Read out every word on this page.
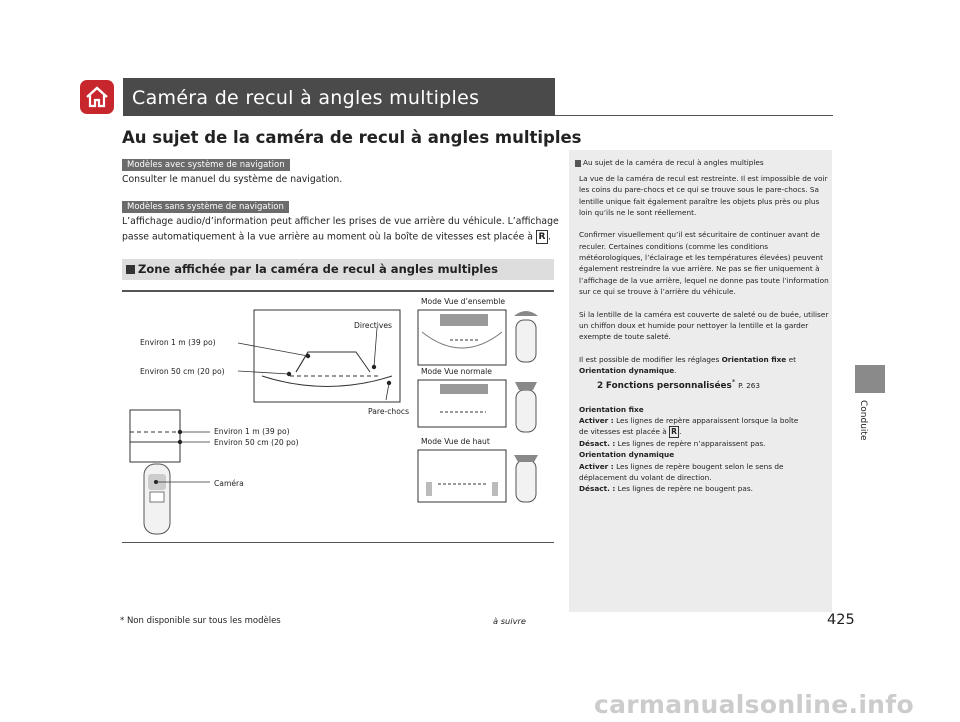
Caméra de recul à angles multiples
Au sujet de la caméra de recul à angles multiples
Modèles avec système de navigation
Consulter le manuel du système de navigation.
Modèles sans système de navigation
L’affichage audio/d’information peut afficher les prises de vue arrière du véhicule. L’affichage
passe automatiquement à la vue arrière au moment où la boîte de vitesses est placée à R .
Zone affichée par la caméra de recul à angles multiples
Directives
Environ 1 m (39 po)
Environ 50 cm (20 po)
Pare-chocs
Environ 1 m (39 po)
Environ 50 cm (20 po)
Caméra
Mode Vue d’ensemble
Mode Vue normale
Mode Vue de haut
Au sujet de la caméra de recul à angles multiples

La vue de la caméra de recul est restreinte. Il est impossible de voir les coins du pare-chocs et ce qui se trouve sous le pare-chocs. Sa lentille unique fait également paraître les objets plus près ou plus loin qu’ils ne le sont réellement.

Confirmer visuellement qu’il est sécuritaire de continuer avant de reculer. Certaines conditions (comme les conditions météorologiques, l’éclairage et les températures élevées) peuvent également restreindre la vue arrière. Ne pas se fier uniquement à l’affichage de la vue arrière, lequel ne donne pas toute l’information sur ce qui se trouve à l’arrière du véhicule.

Si la lentille de la caméra est couverte de saleté ou de buée, utiliser un chiffon doux et humide pour nettoyer la lentille et la garder exempte de toute saleté.

Il est possible de modifier les réglages Orientation fixe et Orientation dynamique.

2 Fonctions personnalisées* P. 263
Orientation fixe
Activer : Les lignes de repère apparaissent lorsque la boîte
de vitesses est placée à R .
Désact. : Les lignes de repère n’apparaissent pas.
Orientation dynamique
Activer : Les lignes de repère bougent selon le sens de
déplacement du volant de direction.
Désact. : Les lignes de repère ne bougent pas.
Conduite
* Non disponible sur tous les modèles	à suivre	425
carmanualsonline.info
